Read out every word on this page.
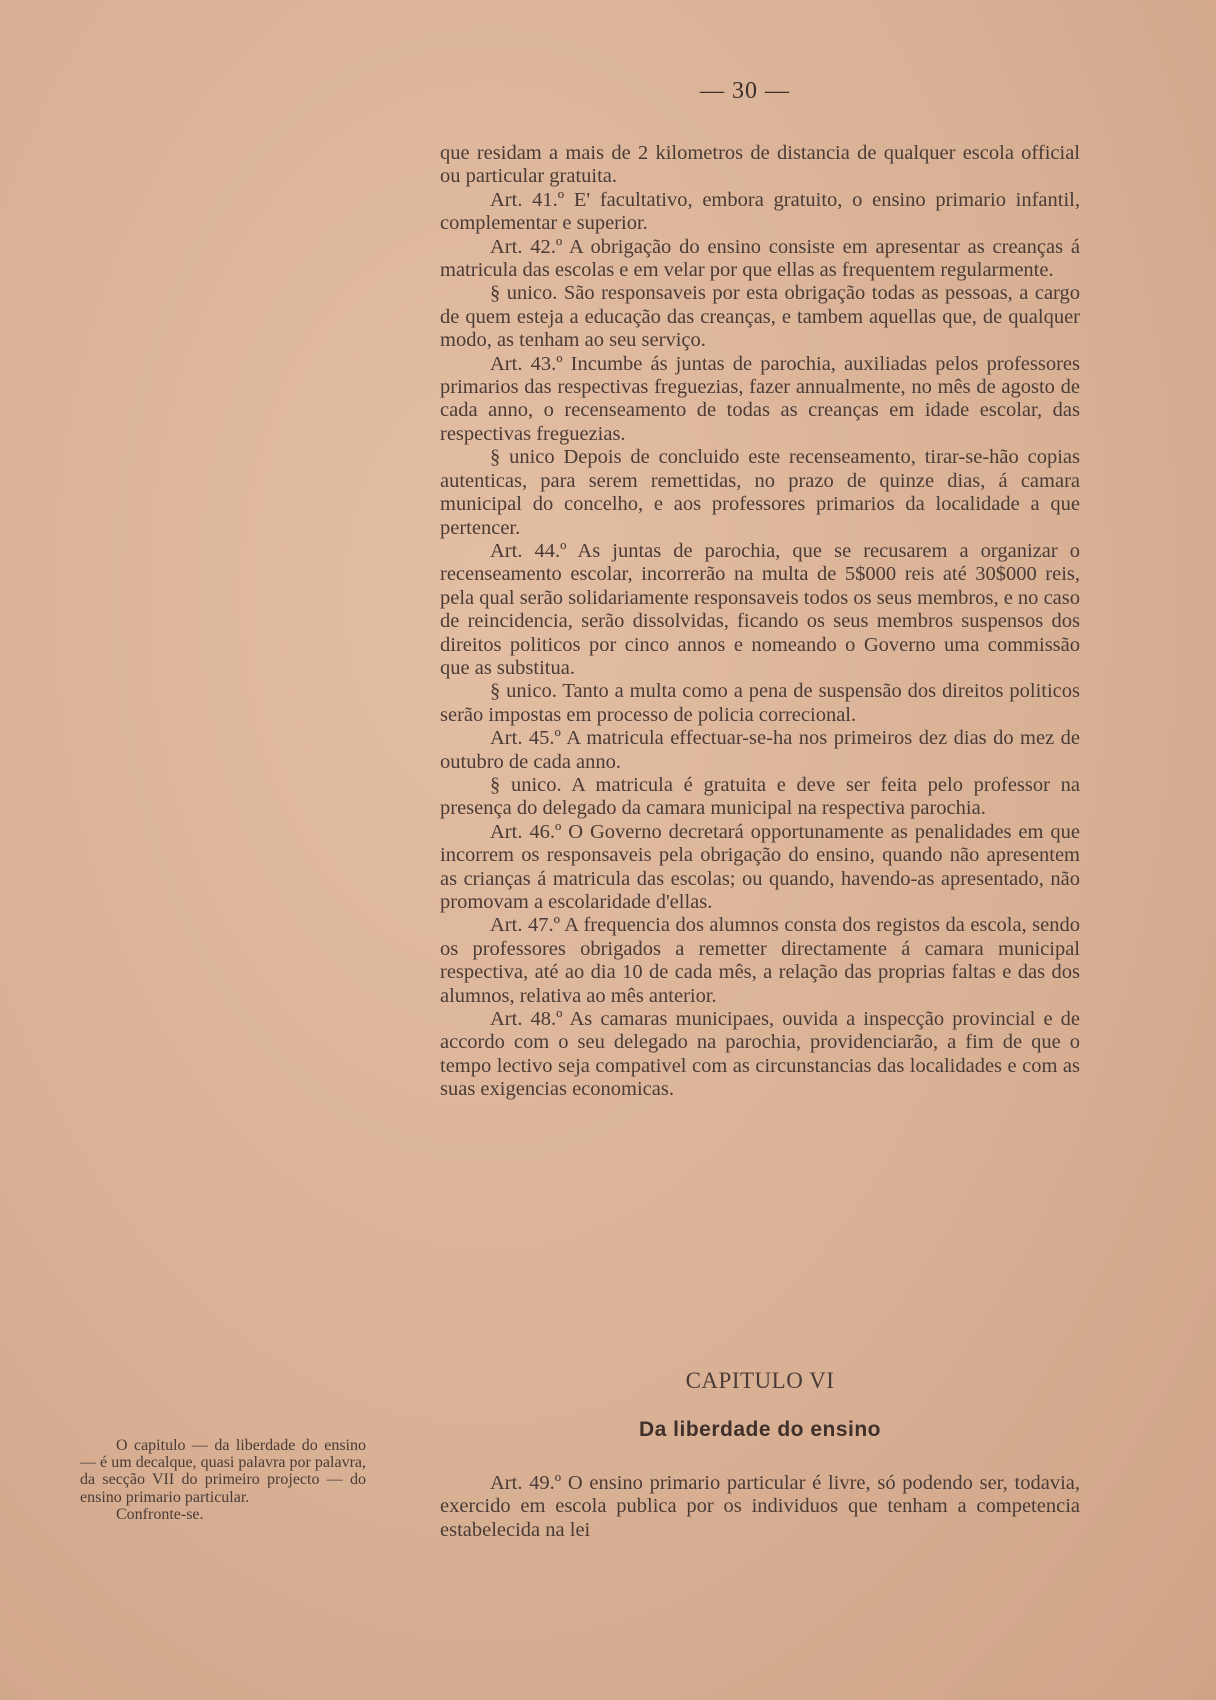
— 30 —

que residam a mais de 2 kilometros de distancia de qualquer escola official ou particular gratuita.

Art. 41.º E' facultativo, embora gratuito, o ensino primario infantil, complementar e superior.

Art. 42.º A obrigação do ensino consiste em apresentar as creanças á matricula das escolas e em velar por que ellas as frequentem regularmente.

§ unico. São responsaveis por esta obrigação todas as pessoas, a cargo de quem esteja a educação das creanças, e tambem aquellas que, de qualquer modo, as tenham ao seu serviço.

Art. 43.º Incumbe ás juntas de parochia, auxiliadas pelos professores primarios das respectivas freguezias, fazer annualmente, no mês de agosto de cada anno, o recenseamento de todas as creanças em idade escolar, das respectivas freguezias.

§ unico Depois de concluido este recenseamento, tirar-se-hão copias autenticas, para serem remettidas, no prazo de quinze dias, á camara municipal do concelho, e aos professores primarios da localidade a que pertencer.

Art. 44.º As juntas de parochia, que se recusarem a organizar o recenseamento escolar, incorrerão na multa de 5$000 reis até 30$000 reis, pela qual serão solidariamente responsaveis todos os seus membros, e no caso de reincidencia, serão dissolvidas, ficando os seus membros suspensos dos direitos politicos por cinco annos e nomeando o Governo uma commissão que as substitua.

§ unico. Tanto a multa como a pena de suspensão dos direitos politicos serão impostas em processo de policia correcional.

Art. 45.º A matricula effectuar-se-ha nos primeiros dez dias do mez de outubro de cada anno.

§ unico. A matricula é gratuita e deve ser feita pelo professor na presença do delegado da camara municipal na respectiva parochia.

Art. 46.º O Governo decretará opportunamente as penalidades em que incorrem os responsaveis pela obrigação do ensino, quando não apresentem as crianças á matricula das escolas; ou quando, havendo-as apresentado, não promovam a escolaridade d'ellas.

Art. 47.º A frequencia dos alumnos consta dos registos da escola, sendo os professores obrigados a remetter directamente á camara municipal respectiva, até ao dia 10 de cada mês, a relação das proprias faltas e das dos alumnos, relativa ao mês anterior.

Art. 48.º As camaras municipaes, ouvida a inspecção provincial e de accordo com o seu delegado na parochia, providenciarão, a fim de que o tempo lectivo seja compativel com as circunstancias das localidades e com as suas exigencias economicas.

CAPITULO VI
Da liberdade do ensino

Art. 49.º O ensino primario particular é livre, só podendo ser, todavia, exercido em escola publica por os individuos que tenham a competencia estabelecida na lei

O capitulo — da liberdade do ensino — é um decalque, quasi palavra por palavra, da secção VII do primeiro projecto — do ensino primario particular.

Confronte-se.
